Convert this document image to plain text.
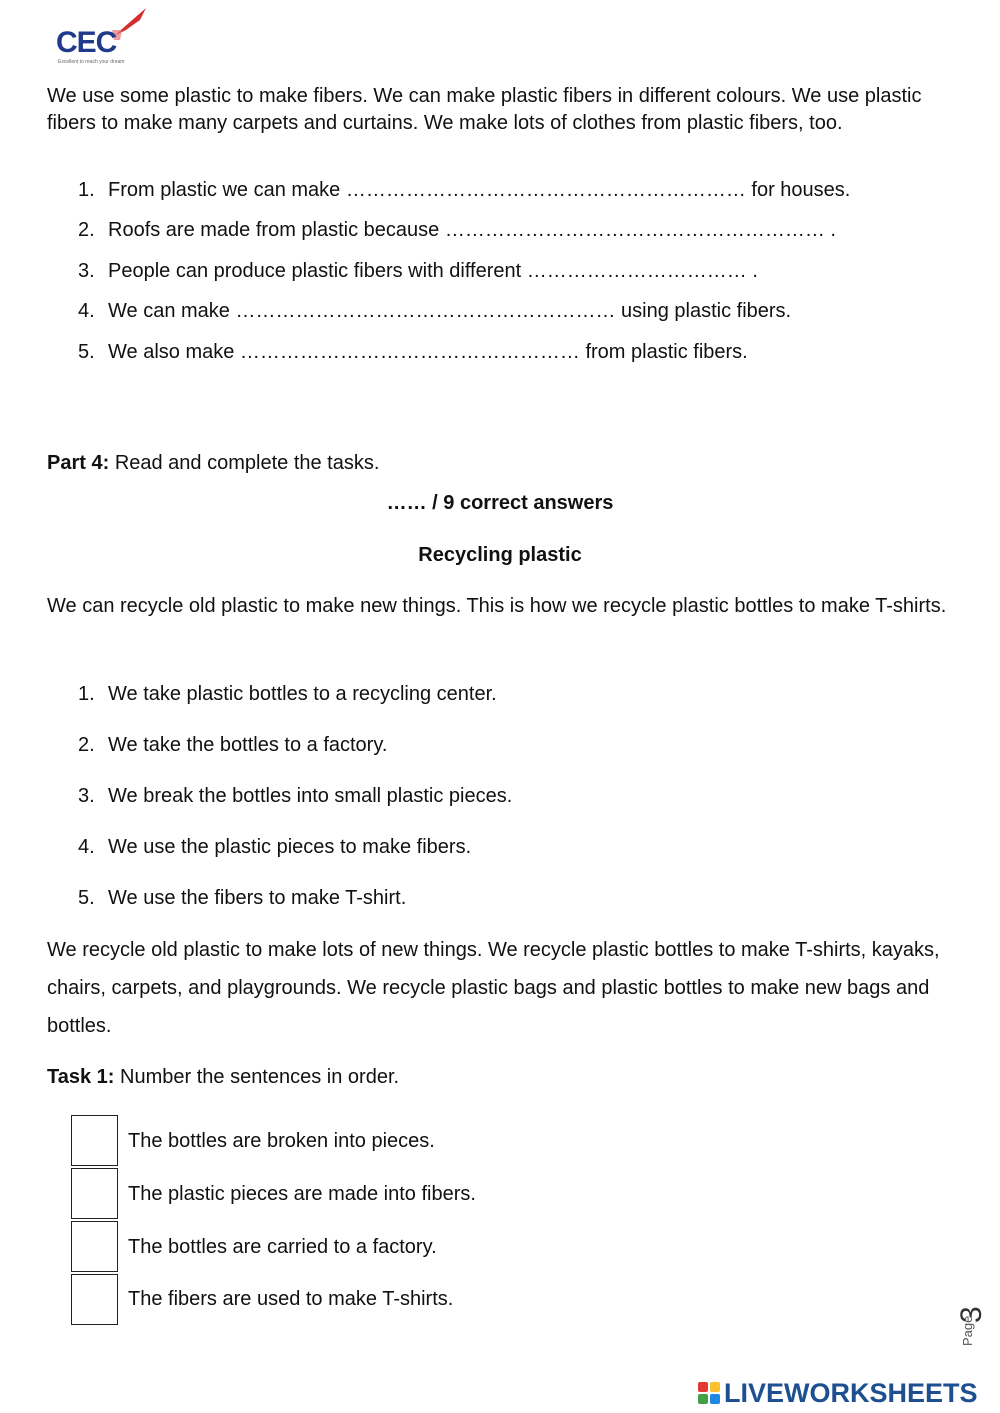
CEC
Excellent to reach your dream
We use some plastic to make fibers. We can make plastic fibers in different colours. We use plastic fibers to make many carpets and curtains. We make lots of clothes from plastic fibers, too.
1. From plastic we can make …………………………………………………… for houses.
2. Roofs are made from plastic because ………………………………………………… .
3. People can produce plastic fibers with different …………………………… .
4. We can make ………………………………………………… using plastic fibers.
5. We also make …………………………………………… from plastic fibers.
Part 4: Read and complete the tasks.
…… / 9 correct answers
Recycling plastic
We can recycle old plastic to make new things. This is how we recycle plastic bottles to make T-shirts.
1. We take plastic bottles to a recycling center.
2. We take the bottles to a factory.
3. We break the bottles into small plastic pieces.
4. We use the plastic pieces to make fibers.
5. We use the fibers to make T-shirt.
We recycle old plastic to make lots of new things. We recycle plastic bottles to make T-shirts, kayaks, chairs, carpets, and playgrounds. We recycle plastic bags and plastic bottles to make new bags and bottles.
Task 1: Number the sentences in order.
The bottles are broken into pieces.
The plastic pieces are made into fibers.
The bottles are carried to a factory.
The fibers are used to make T-shirts.
3
Page
LIVEWORKSHEETS
